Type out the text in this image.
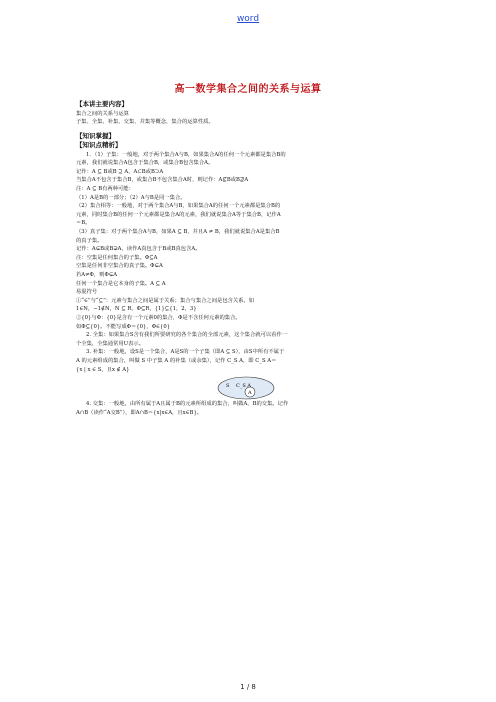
word
高一数学集合之间的关系与运算

【本讲主要内容】

集合之间的关系与运算

子集、全集、补集、交集、并集等概念，集合的运算性质。

【知识掌握】

【知识点精析】

1．（1）子集：一般地，对于两个集合A与B，如果集合A的任何一个元素都是集合B的

元素，我们就说集合A包含于集合B，或集合B包含集合A。

记作：A ⊆ B或B ⊇ A，A⊂B或B⊃A

当集合A不包含于集合B，或集合B不包含集合A时，则记作：A⊈B或B⊉A

注：A ⊆ B有两种可能：

（1）A是B的一部分；（2）A与B是同一集合。

（2）集合相等：一般地，对于两个集合A与B，如果集合A的任何一个元素都是集合B的

元素，同时集合B的任何一个元素都是集合A的元素，我们就说集合A等于集合B，记作A

＝B。

（3）真子集：对于两个集合A与B，如果A ⊆ B，并且A ≠ B，我们就说集合A是集合B

的真子集。

记作：A⊊B或B⊋A，读作A真包含于B或B真包含A。

注：空集是任何集合的子集。Φ⊆A

空集是任何非空集合的真子集。Φ⊊A

若A≠Φ，则Φ⊊A

任何一个集合是它本身的子集。A ⊆ A

易混符号

①“∈”与“⊆”：元素与集合之间是属于关系；集合与集合之间是包含关系。如

1∈N，−1∉N，N ⊆ R，Φ⊆R，{1}⊆{1，2，3}

②{0}与Φ：{0}是含有一个元素0的集合，Φ是不含任何元素的集合。

如Φ⊆{0}。不能写成Φ＝{0}，Φ∈{0}

2. 全集：如果集合S含有我们所要研究的各个集合的全部元素，这个集合就可以看作一

个全集，全集通常用U表示。

3. 补集：一般地，设S是一个集合，A是S的一个子集（即A ⊆ S），由S中所有不属于

A 的元素组成的集合，叫做 S 中子集 A 的补集（或余集），记作 C_S A，即 C_S A＝

{x | x ∈ S，且x ∉ A}

S C_S A
A

4. 交集：一般地，由所有属于A且属于B的元素所组成的集合，叫做A、B的交集。记作

A∩B（读作“A交B”），即A∩B＝{x|x∈A，且x∈B}。

1 / 8
